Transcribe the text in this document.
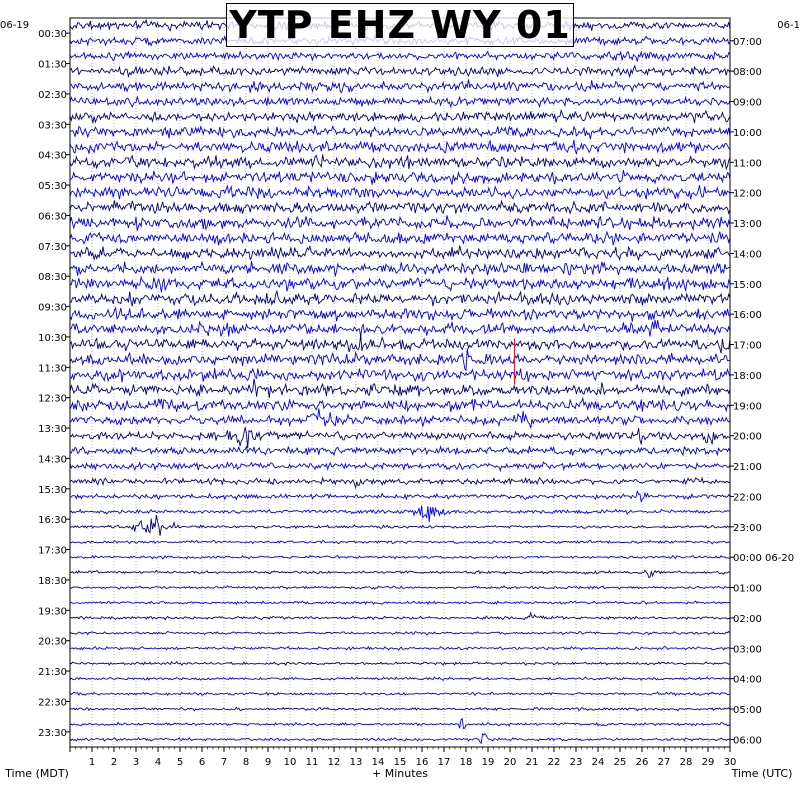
00:30
01:30
02:30
03:30
04:30
05:30
06:30
07:30
08:30
09:30
10:30
11:30
12:30
13:30
14:30
15:30
16:30
17:30
18:30
19:30
20:30
21:30
22:30
23:30
07:00
08:00
09:00
10:00
11:00
12:00
13:00
14:00
15:00
16:00
17:00
18:00
19:00
20:00
21:00
22:00
23:00
00:00 06-20
01:00
02:00
03:00
04:00
05:00
06:00
1 2 3 4 5 6 7 8 9 10 11 12 13 14 15 16 17 18 19 20 21 22 23 24 25 26 27 28 29 30
Time (MDT)	+ Minutes	Time (UTC)
06-19	06-1
YTP EHZ WY 01
